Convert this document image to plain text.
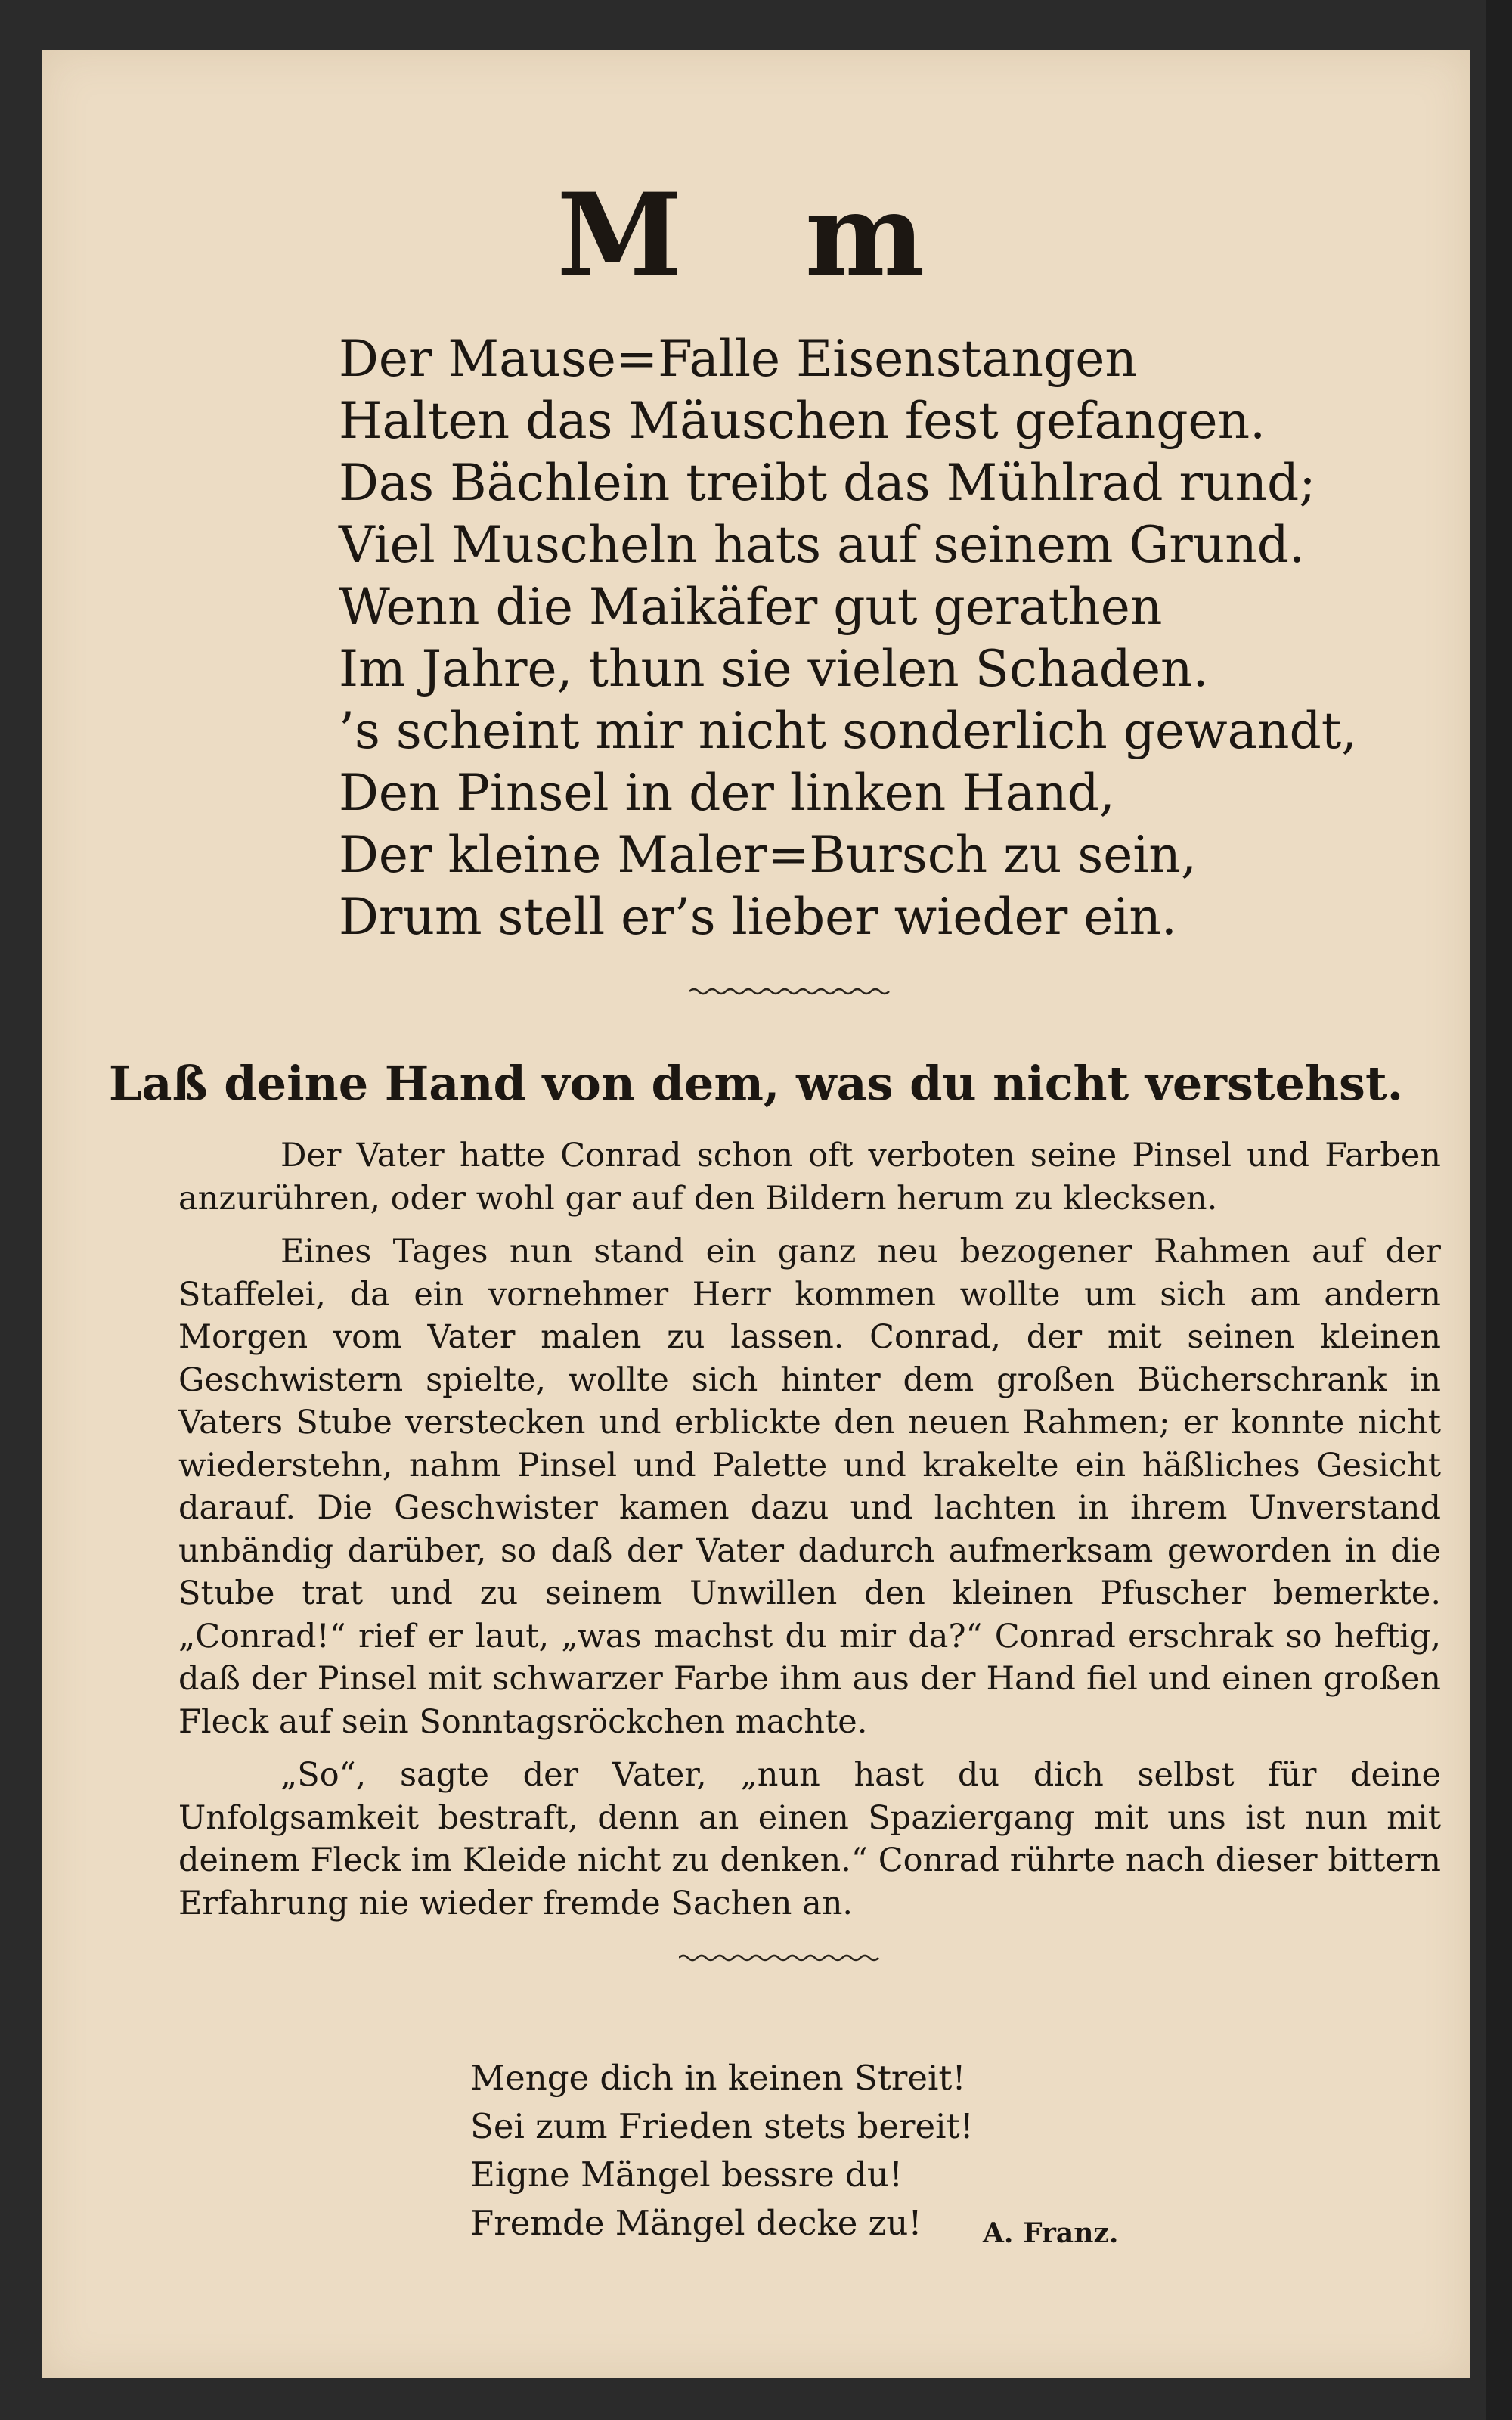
M m
Der Mause=Falle Eisenstangen
Halten das Mäuschen fest gefangen.
Das Bächlein treibt das Mühlrad rund;
Viel Muscheln hats auf seinem Grund.
Wenn die Maikäfer gut gerathen
Im Jahre, thun sie vielen Schaden.
’s scheint mir nicht sonderlich gewandt,
Den Pinsel in der linken Hand,
Der kleine Maler=Bursch zu sein,
Drum stell er’s lieber wieder ein.
Laß deine Hand von dem, was du nicht verstehst.

Der Vater hatte Conrad schon oft verboten seine Pinsel und Farben anzurühren, oder wohl gar auf den Bildern herum zu klecksen.

Eines Tages nun stand ein ganz neu bezogener Rahmen auf der Staffelei, da ein vornehmer Herr kommen wollte um sich am andern Morgen vom Vater malen zu lassen. Conrad, der mit seinen kleinen Geschwistern spielte, wollte sich hinter dem großen Bücherschrank in Vaters Stube verstecken und erblickte den neuen Rahmen; er konnte nicht wiederstehn, nahm Pinsel und Palette und krakelte ein häßliches Gesicht darauf. Die Geschwister kamen dazu und lachten in ihrem Unverstand unbändig darüber, so daß der Vater dadurch aufmerksam geworden in die Stube trat und zu seinem Unwillen den kleinen Pfuscher bemerkte. „Conrad!“ rief er laut, „was machst du mir da?“ Conrad erschrak so heftig, daß der Pinsel mit schwarzer Farbe ihm aus der Hand fiel und einen großen Fleck auf sein Sonntagsröckchen machte.

„So“, sagte der Vater, „nun hast du dich selbst für deine Unfolgsamkeit bestraft, denn an einen Spaziergang mit uns ist nun mit deinem Fleck im Kleide nicht zu denken.“ Conrad rührte nach dieser bittern Erfahrung nie wieder fremde Sachen an.

Menge dich in keinen Streit!
Sei zum Frieden stets bereit!
Eigne Mängel bessre du!
Fremde Mängel decke zu!	A. Franz.
